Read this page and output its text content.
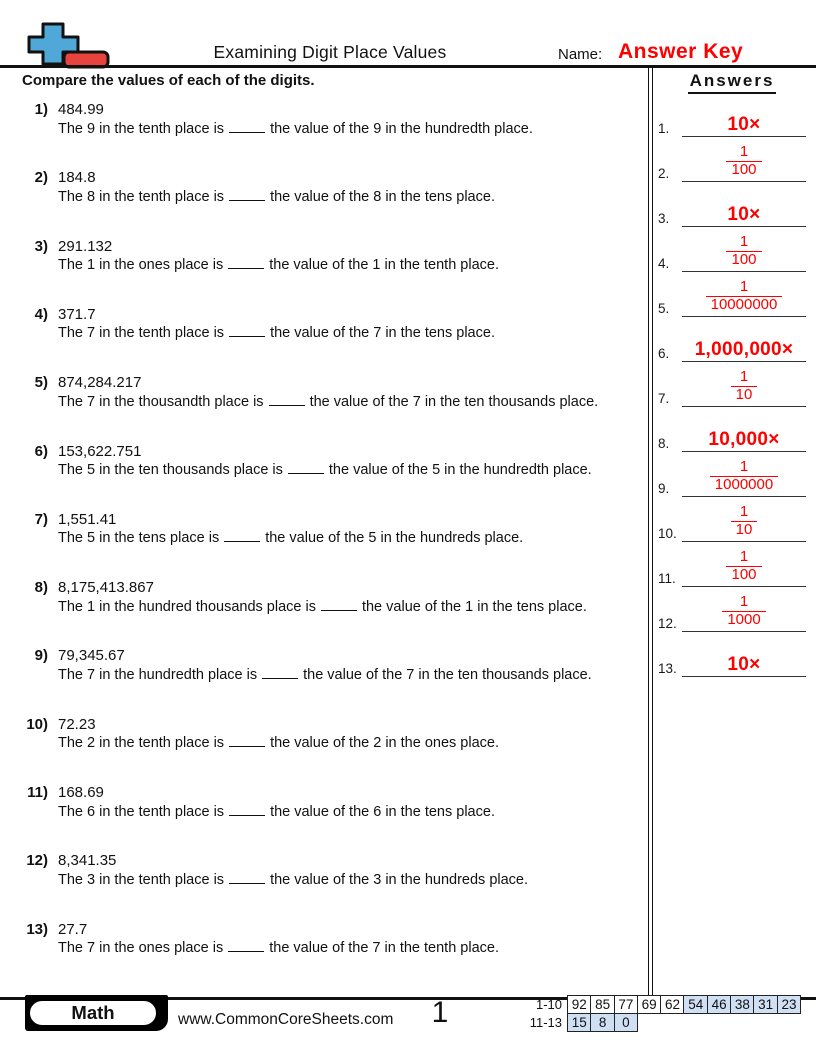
Examining Digit Place Values	Name: Answer Key
Compare the values of each of the digits.	Answers
1) 484.99
The 9 in the tenth place is	the value of the 9 in the hundredth place.
2) 184.8
The 8 in the tenth place is	the value of the 8 in the tens place.
3) 291.132
The 1 in the ones place is	the value of the 1 in the tenth place.
4) 371.7
The 7 in the tenth place is	the value of the 7 in the tens place.
5) 874,284.217
The 7 in the thousandth place is	the value of the 7 in the ten thousands place.
6) 153,622.751
The 5 in the ten thousands place is	the value of the 5 in the hundredth place.
7) 1,551.41
The 5 in the tens place is	the value of the 5 in the hundreds place.
8) 8,175,413.867
The 1 in the hundred thousands place is	the value of the 1 in the tens place.
9) 79,345.67
The 7 in the hundredth place is	the value of the 7 in the ten thousands place.
10) 72.23
The 2 in the tenth place is	the value of the 2 in the ones place.
11) 168.69
The 6 in the tenth place is	the value of the 6 in the tens place.
12) 8,341.35
The 3 in the tenth place is	the value of the 3 in the hundreds place.
13) 27.7
The 7 in the ones place is	the value of the 7 in the tenth place.
1.	10×
2.	$\frac{1}{100}$
3.	10×
4.	$\frac{1}{100}$
5. $\frac{1}{10000000}$
6.	1,000,000×
7.	$\frac{1}{10}$
8.	10,000×
9.	$\frac{1}{1000000}$
10.	$\frac{1}{10}$
11.	$\frac{1}{100}$
12.	$\frac{1}{1000}$
13.	10×
Math	www.CommonCoreSheets.com	1	1-10 92 85 77 69 62 54 46 38 31 23
11-13 15 8	0
